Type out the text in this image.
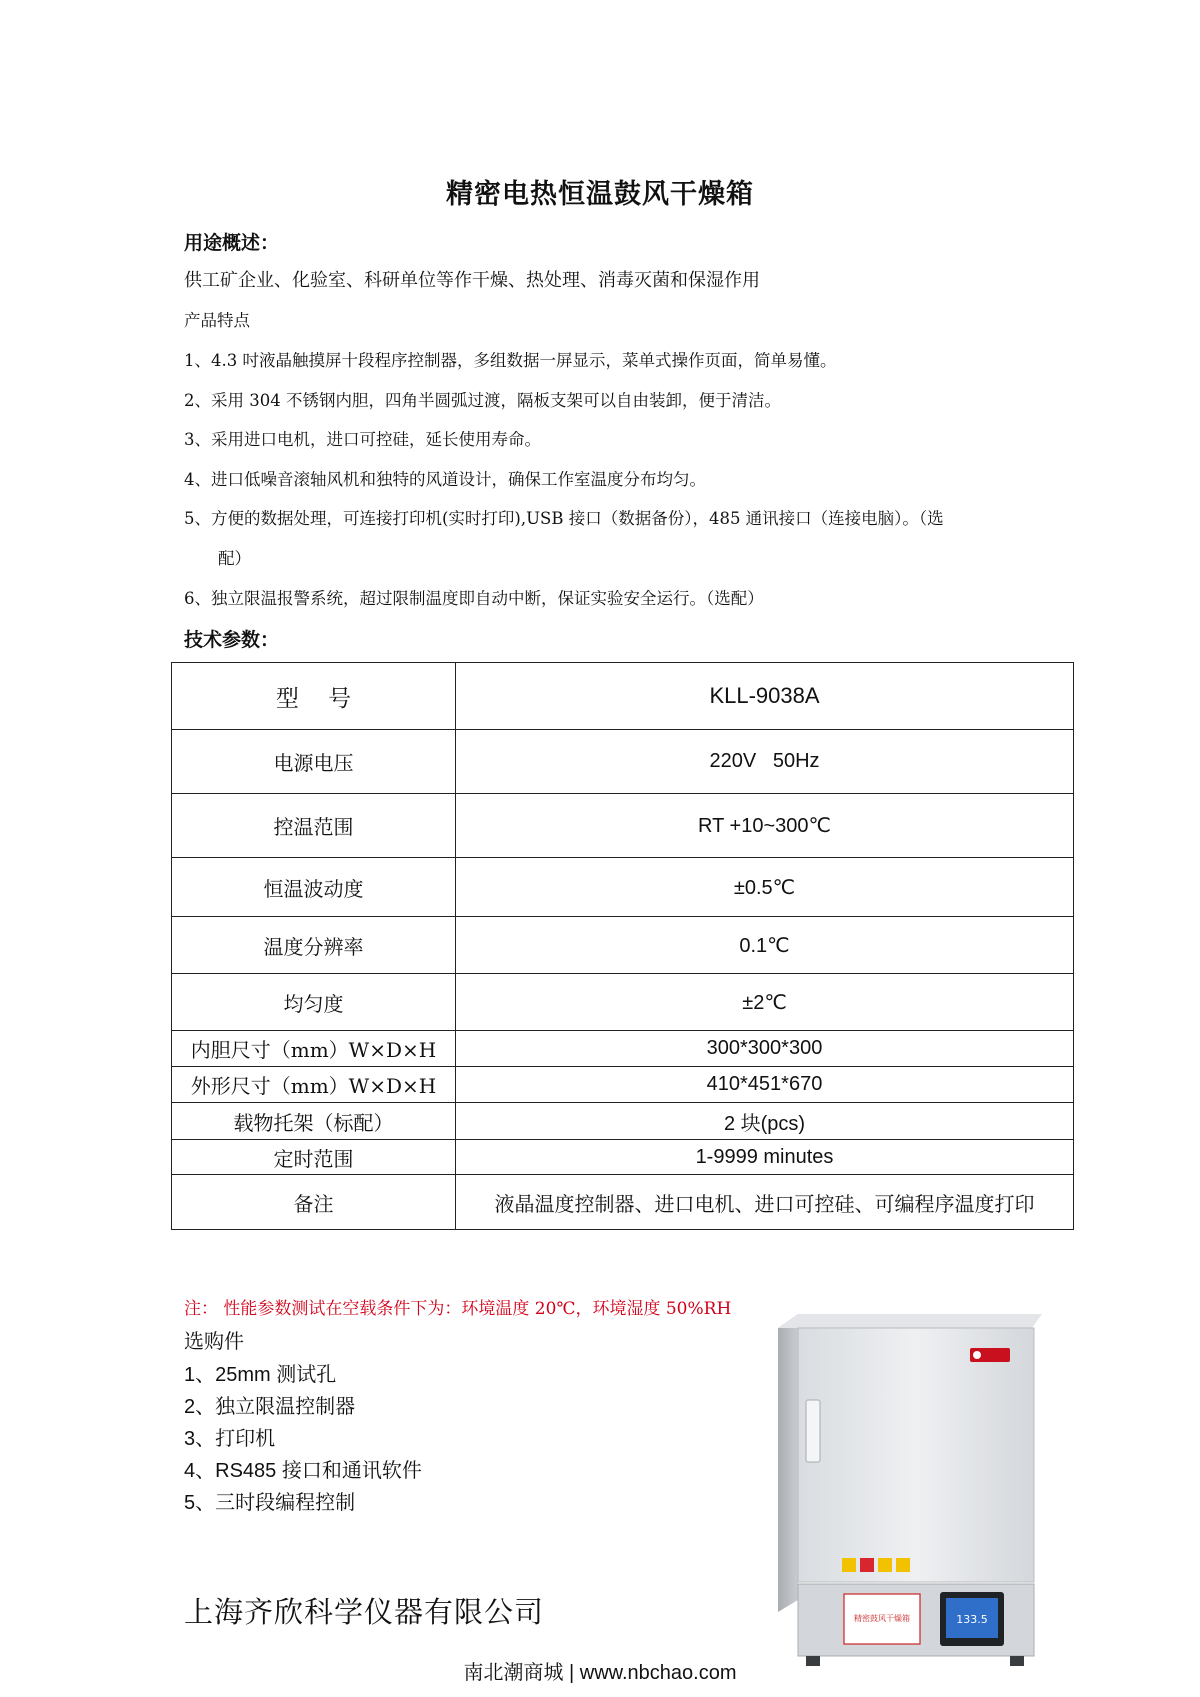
精密电热恒温鼓风干燥箱
用途概述：
供工矿企业、化验室、科研单位等作干燥、热处理、消毒灭菌和保湿作用
产品特点
1、4.3 吋液晶触摸屏十段程序控制器，多组数据一屏显示，菜单式操作页面，简单易懂。
2、采用 304 不锈钢内胆，四角半圆弧过渡，隔板支架可以自由装卸，便于清洁。
3、采用进口电机，进口可控硅，延长使用寿命。
4、进口低噪音滚轴风机和独特的风道设计，确保工作室温度分布均匀。
5、方便的数据处理，可连接打印机(实时打印),USB 接口（数据备份），485 通讯接口（连接电脑）。（选
配）
6、独立限温报警系统，超过限制温度即自动中断，保证实验安全运行。（选配）
技术参数：
型    号	KLL-9038A
电源电压	220V   50Hz
控温范围	RT +10~300℃
恒温波动度	±0.5℃
温度分辨率	0.1℃
均匀度	±2℃
内胆尺寸（mm）W×D×H	300*300*300
外形尺寸（mm）W×D×H	410*451*670
载物托架（标配）	2 块(pcs)
定时范围	1-9999 minutes
备注	液晶温度控制器、进口电机、进口可控硅、可编程序温度打印
注： 性能参数测试在空载条件下为：环境温度 20℃，环境湿度 50%RH
选购件
1、25mm 测试孔
2、独立限温控制器
3、打印机
4、RS485 接口和通讯软件
5、三时段编程控制
上海齐欣科学仪器有限公司	精密鼓风干燥箱	133.5
南北潮商城 | www.nbchao.com
